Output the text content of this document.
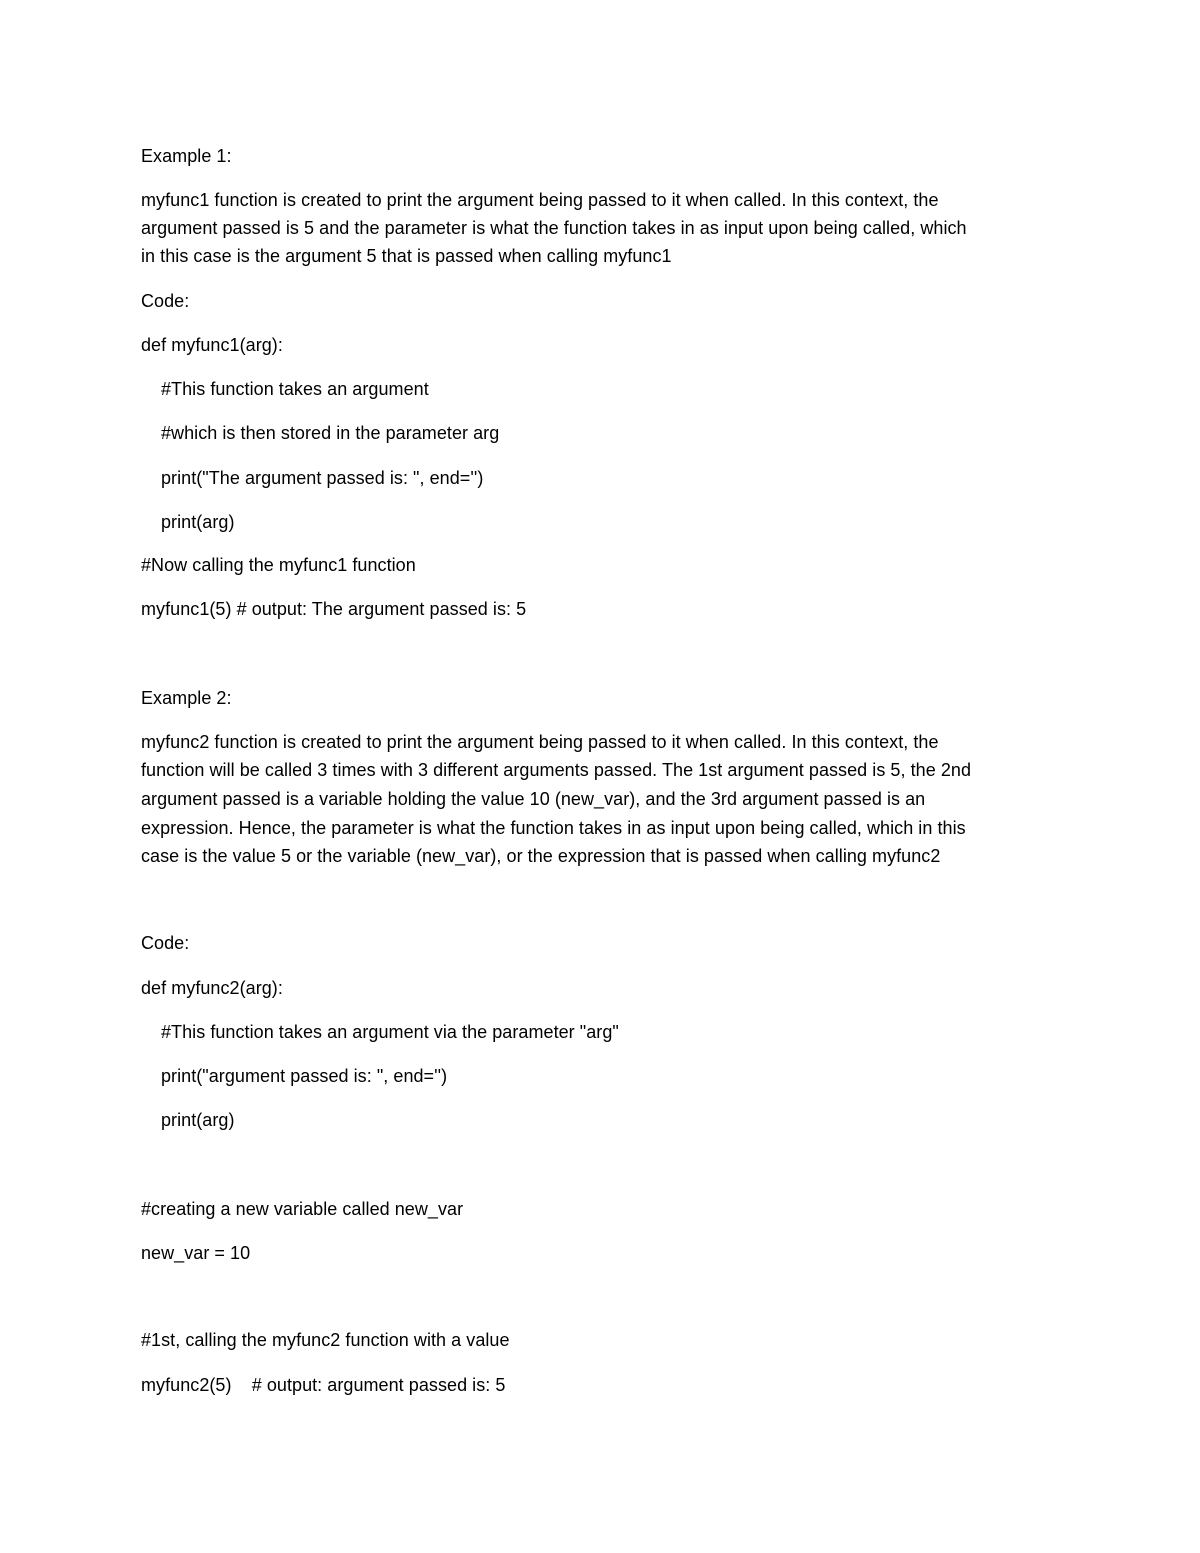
Example 1:
myfunc1 function is created to print the argument being passed to it when called. In this context, the
argument passed is 5 and the parameter is what the function takes in as input upon being called, which
in this case is the argument 5 that is passed when calling myfunc1
Code:
def myfunc1(arg):
#This function takes an argument
#which is then stored in the parameter arg
print("The argument passed is: ", end='')
print(arg)
#Now calling the myfunc1 function
myfunc1(5) # output: The argument passed is: 5
Example 2:
myfunc2 function is created to print the argument being passed to it when called. In this context, the
function will be called 3 times with 3 different arguments passed. The 1st argument passed is 5, the 2nd
argument passed is a variable holding the value 10 (new_var), and the 3rd argument passed is an
expression. Hence, the parameter is what the function takes in as input upon being called, which in this
case is the value 5 or the variable (new_var), or the expression that is passed when calling myfunc2
Code:
def myfunc2(arg):
#This function takes an argument via the parameter "arg"
print("argument passed is: ", end='')
print(arg)
#creating a new variable called new_var
new_var = 10
#1st, calling the myfunc2 function with a value
myfunc2(5)    # output: argument passed is: 5
